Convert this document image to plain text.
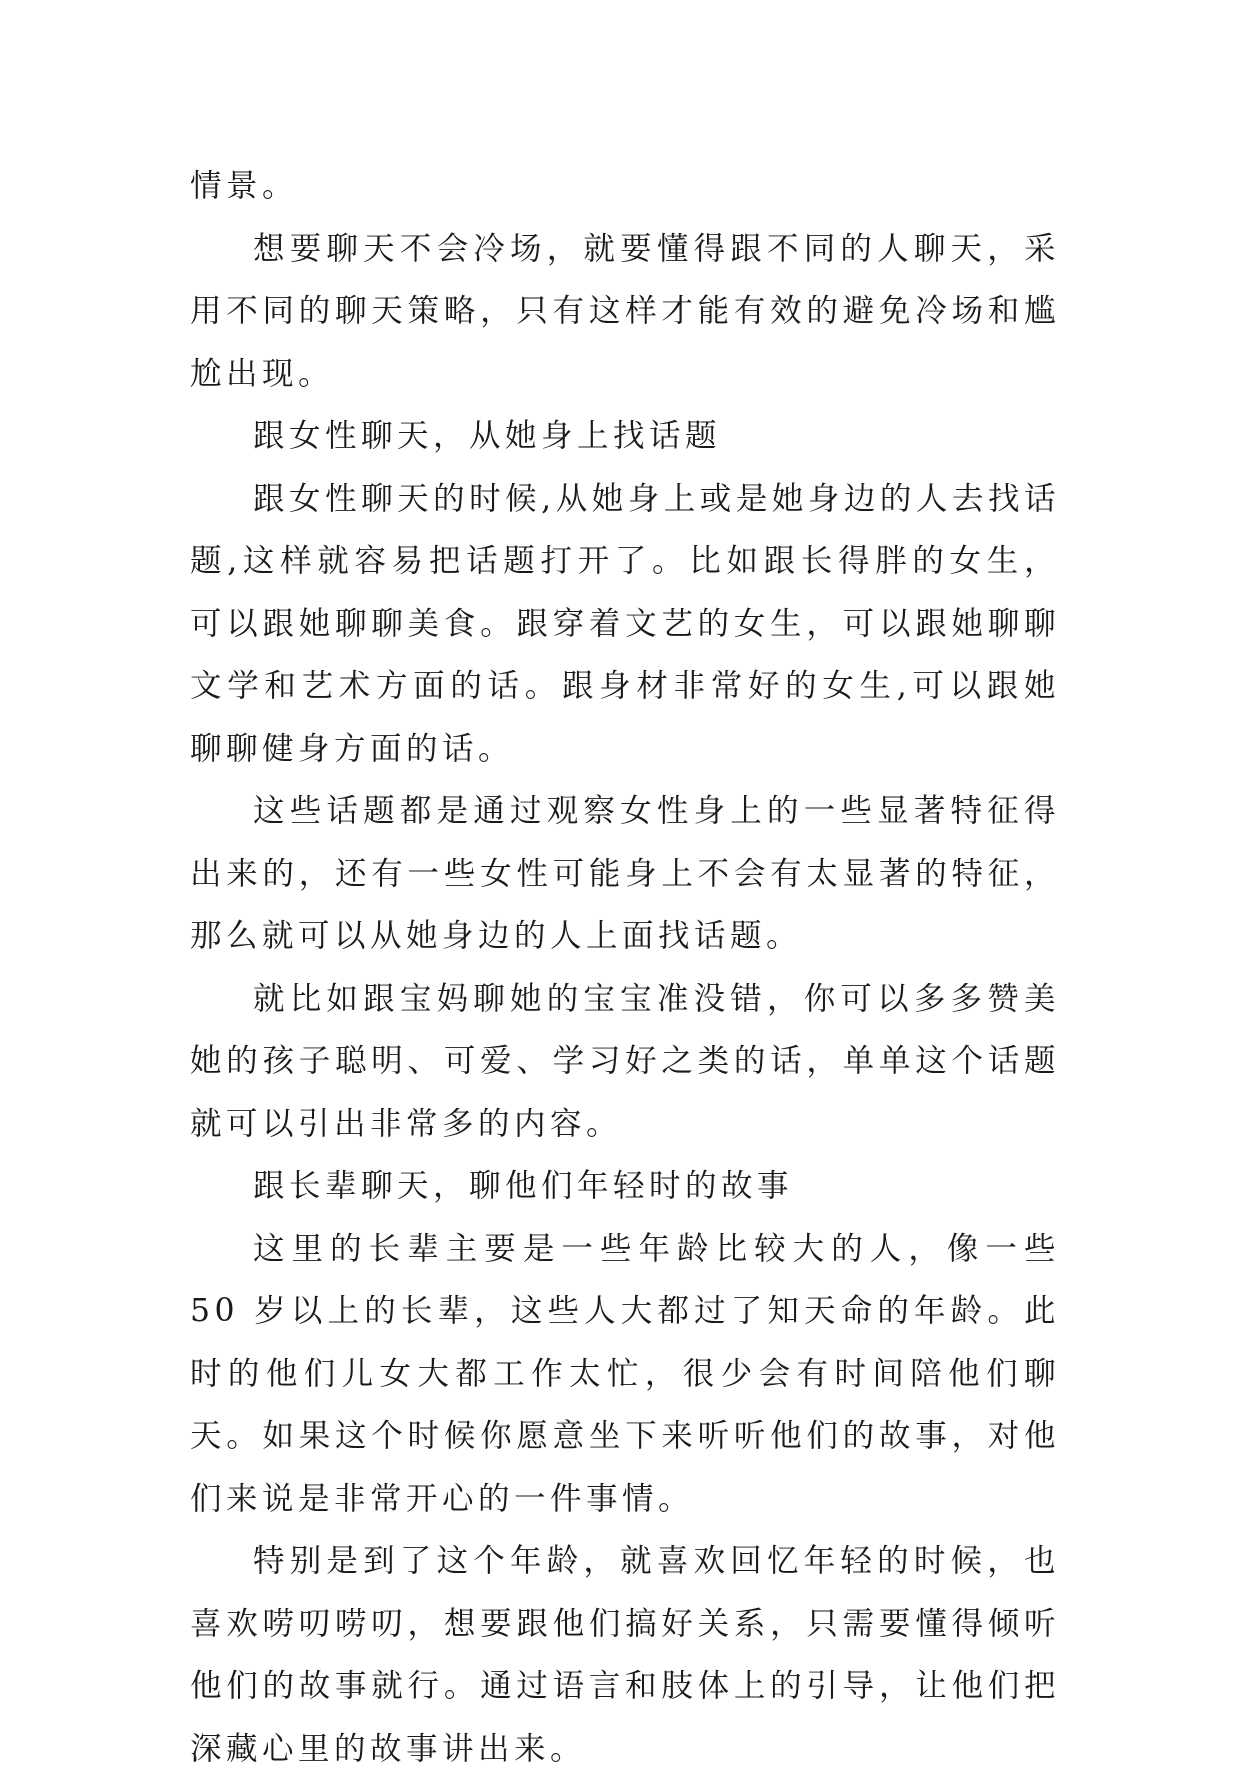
情景。

想要聊天不会冷场，就要懂得跟不同的人聊天，采用不同的聊天策略，只有这样才能有效的避免冷场和尴尬出现。

跟女性聊天，从她身上找话题

跟女性聊天的时候,从她身上或是她身边的人去找话题,这样就容易把话题打开了。比如跟长得胖的女生，可以跟她聊聊美食。跟穿着文艺的女生，可以跟她聊聊文学和艺术方面的话。跟身材非常好的女生,可以跟她聊聊健身方面的话。

这些话题都是通过观察女性身上的一些显著特征得出来的，还有一些女性可能身上不会有太显著的特征，那么就可以从她身边的人上面找话题。

就比如跟宝妈聊她的宝宝准没错，你可以多多赞美她的孩子聪明、可爱、学习好之类的话，单单这个话题就可以引出非常多的内容。

跟长辈聊天，聊他们年轻时的故事

这里的长辈主要是一些年龄比较大的人，像一些 50 岁以上的长辈，这些人大都过了知天命的年龄。此时的他们儿女大都工作太忙，很少会有时间陪他们聊天。如果这个时候你愿意坐下来听听他们的故事，对他们来说是非常开心的一件事情。

特别是到了这个年龄，就喜欢回忆年轻的时候，也喜欢唠叨唠叨，想要跟他们搞好关系，只需要懂得倾听他们的故事就行。通过语言和肢体上的引导，让他们把深藏心里的故事讲出来。
